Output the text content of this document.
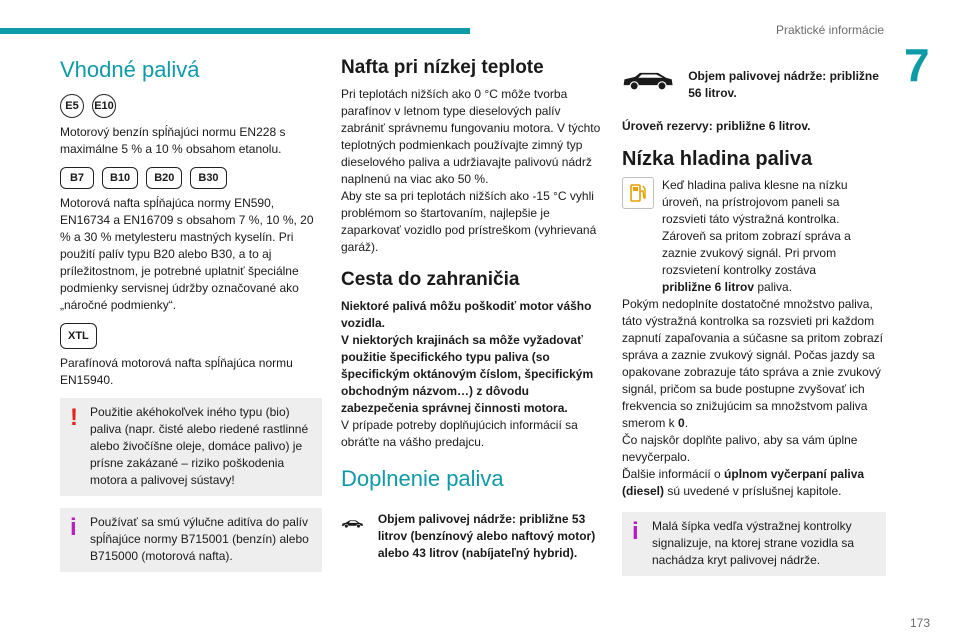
Praktické informácie
7
Vhodné palivá
E5	E10

Motorový benzín spĺňajúci normu EN228 s maximálne 5 % a 10 % obsahom etanolu.

B7	B10	B20	B30

Motorová nafta spĺňajúca normy EN590, EN16734 a EN16709 s obsahom 7 %, 10 %, 20 % a 30 % metylesteru mastných kyselín. Pri použití palív typu B20 alebo B30, a to aj príležitostnom, je potrebné uplatniť špeciálne podmienky servisnej údržby označované ako „náročné podmienky“.

XTL

Parafínová motorová nafta spĺňajúca normu EN15940.

!	Použitie akéhokoľvek iného typu (bio) paliva (napr. čisté alebo riedené rastlinné alebo živočíšne oleje, domáce palivo) je prísne zakázané – riziko poškodenia motora a palivovej sústavy!

i	Používať sa smú výlučne aditíva do palív spĺňajúce normy B715001 (benzín) alebo B715000 (motorová nafta).

Nafta pri nízkej teplote

Pri teplotách nižších ako 0 °C môže tvorba parafínov v letnom type dieselových palív zabrániť správnemu fungovaniu motora. V týchto teplotných podmienkach používajte zimný typ dieselového paliva a udržiavajte palivovú nádrž naplnenú na viac ako 50 %.

Aby ste sa pri teplotách nižších ako -15 °C vyhli problémom so štartovaním, najlepšie je zaparkovať vozidlo pod prístreškom (vyhrievaná garáž).

Cesta do zahraničia

Niektoré palivá môžu poškodiť motor vášho vozidla.

V niektorých krajinách sa môže vyžadovať použitie špecifického typu paliva (so špecifickým oktánovým číslom, špecifickým obchodným názvom…) z dôvodu zabezpečenia správnej činnosti motora.

V prípade potreby doplňujúcich informácií sa obráťte na vášho predajcu.

Doplnenie paliva

Objem palivovej nádrže: približne 53 litrov (benzínový alebo naftový motor) alebo 43 litrov (nabíjateľný hybrid).

Objem palivovej nádrže: približne 56 litrov.

Úroveň rezervy: približne 6 litrov.

Nízka hladina paliva

Keď hladina paliva klesne na nízku úroveň, na prístrojovom paneli sa rozsvieti táto výstražná kontrolka. Zároveň sa pritom zobrazí správa a zaznie zvukový signál. Pri prvom rozsvietení kontrolky zostáva
približne 6 litrov paliva.

Pokým nedoplníte dostatočné množstvo paliva, táto výstražná kontrolka sa rozsvieti pri každom zapnutí zapaľovania a súčasne sa pritom zobrazí správa a zaznie zvukový signál. Počas jazdy sa opakovane zobrazuje táto správa a znie zvukový signál, pričom sa bude postupne zvyšovať ich frekvencia so znižujúcim sa množstvom paliva smerom k 0.

Čo najskôr doplňte palivo, aby sa vám úplne nevyčerpalo.

Ďalšie informácií o úplnom vyčerpaní paliva (diesel) sú uvedené v príslušnej kapitole.

i	Malá šípka vedľa výstražnej kontrolky signalizuje, na ktorej strane vozidla sa nachádza kryt palivovej nádrže.

173
